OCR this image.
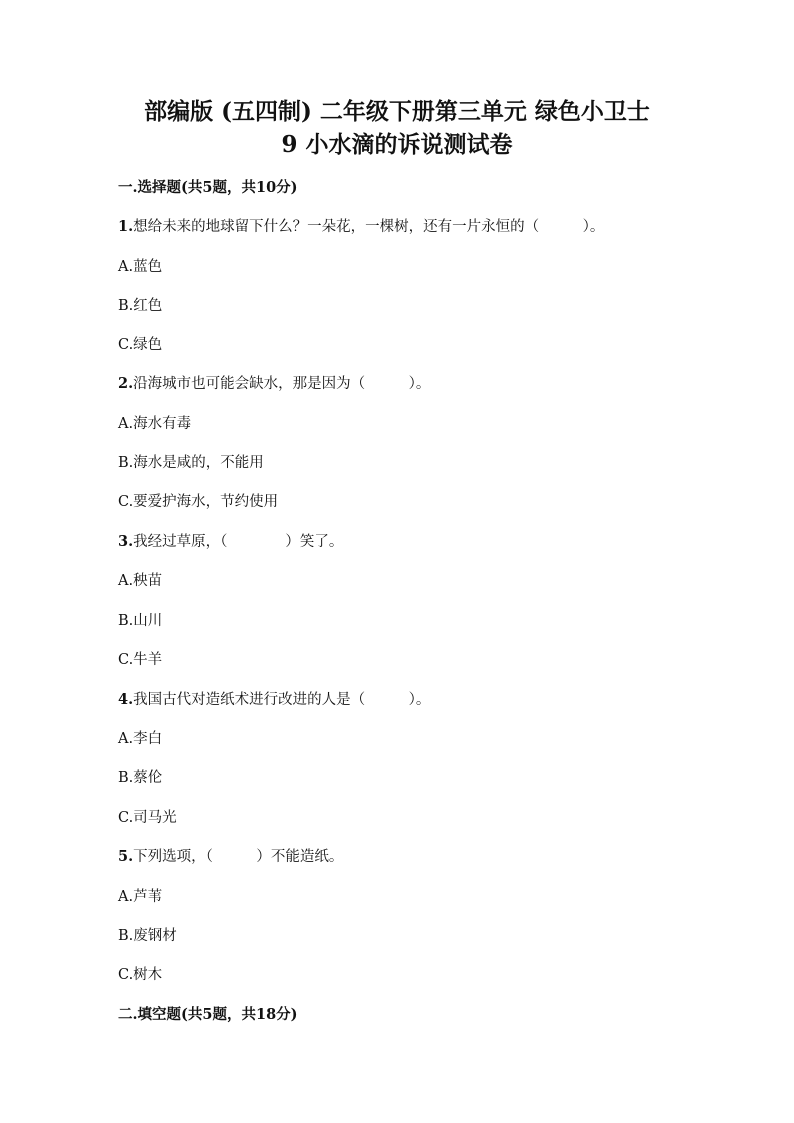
部编版 (五四制) 二年级下册第三单元 绿色小卫士
9 小水滴的诉说测试卷
一.选择题(共5题，共10分)
1.想给未来的地球留下什么？一朵花，一棵树，还有一片永恒的（　　　）。
A.蓝色
B.红色
C.绿色
2.沿海城市也可能会缺水，那是因为（　　　）。
A.海水有毒
B.海水是咸的，不能用
C.要爱护海水，节约使用
3.我经过草原，（　　　　）笑了。
A.秧苗
B.山川
C.牛羊
4.我国古代对造纸术进行改进的人是（　　　）。
A.李白
B.蔡伦
C.司马光
5.下列选项，（　　　）不能造纸。
A.芦苇
B.废钢材
C.树木
二.填空题(共5题，共18分)
